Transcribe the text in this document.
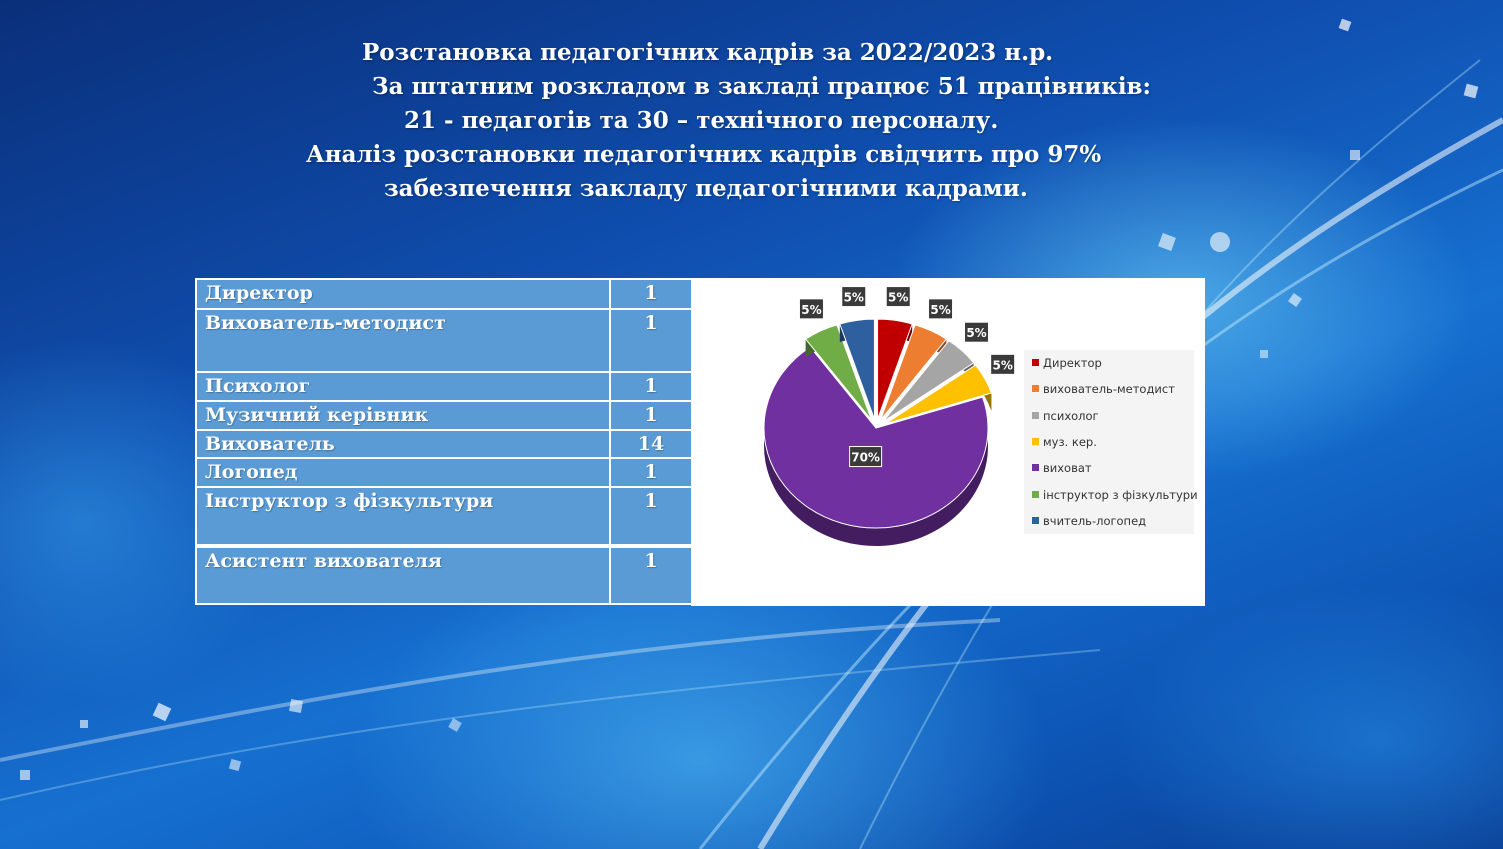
Розстановка педагогічних кадрів за 2022/2023 н.р.
За штатним розкладом в закладі працює 51 працівників:
21 - педагогів та 30 – технічного персоналу.
Аналіз розстановки педагогічних кадрів свідчить про 97%
забезпечення закладу педагогічними кадрами.
Директор	1
Вихователь-методист	1
Психолог	1
Музичний керівник	1
Вихователь	14
Логопед	1
Інструктор з фізкультури	1

Асистент вихователя	1
5%
5%
5%
5%
70%
5%
5%
Директор
вихователь-методист
психолог
муз. кер.
виховат
інструктор з фізкультури
вчитель-логопед
